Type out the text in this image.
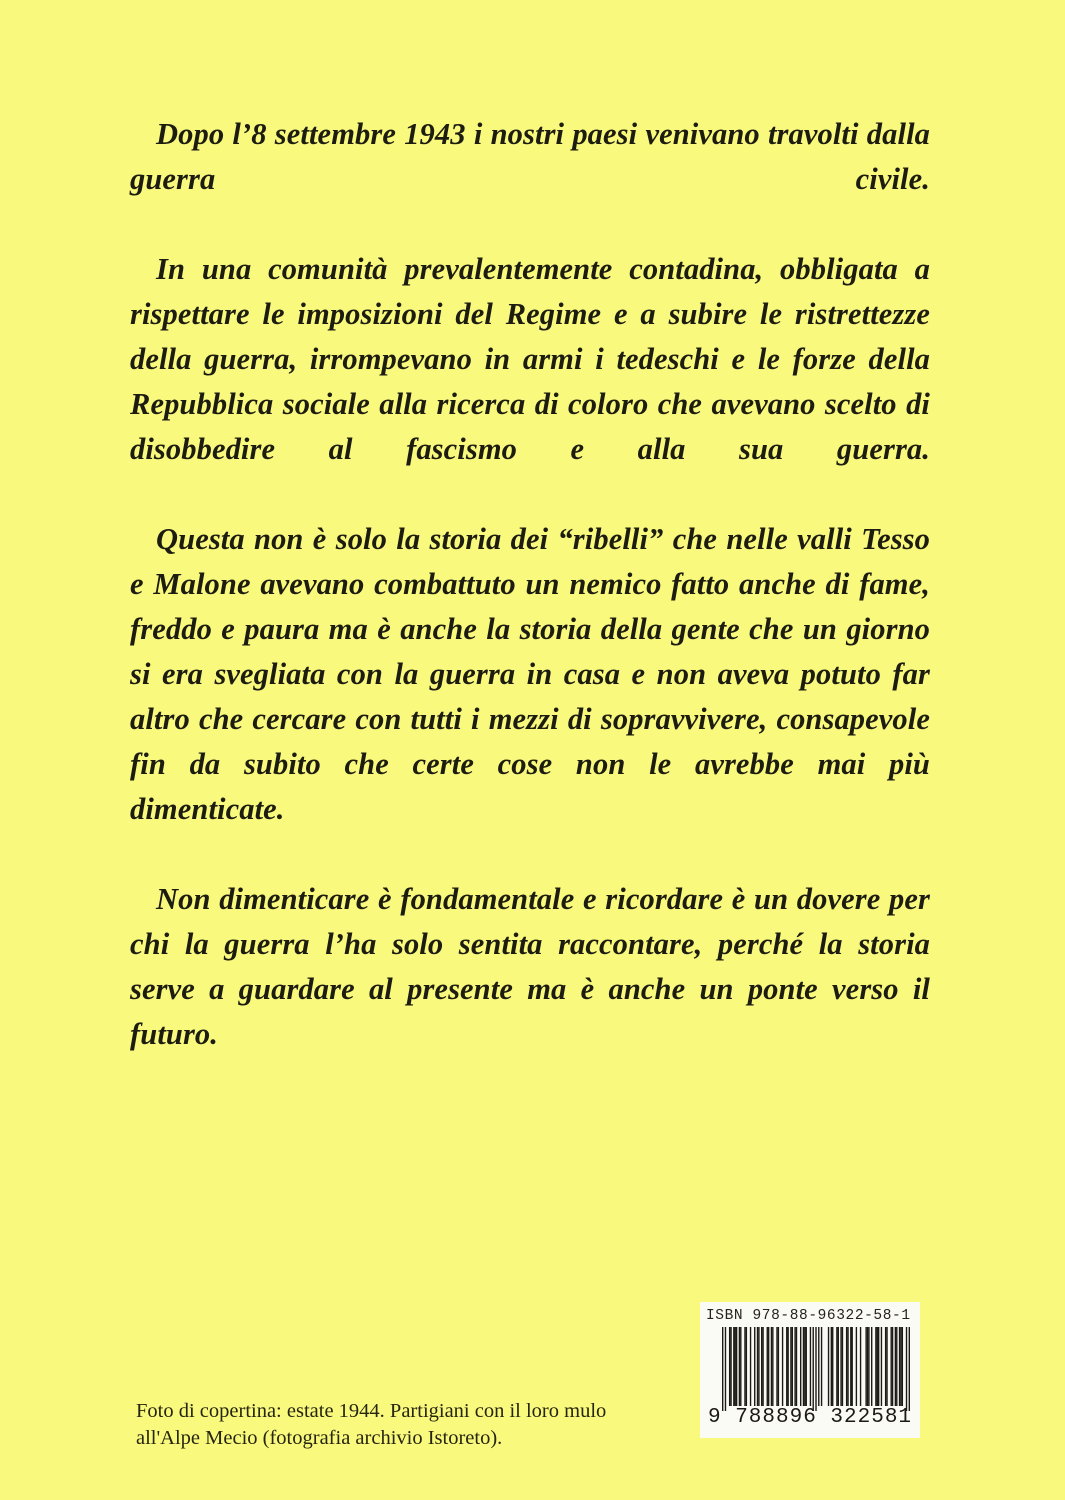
Dopo l’8 settembre 1943 i nostri paesi venivano travolti dalla guerra civile.

In una comunità prevalentemente contadina, obbligata a rispettare le imposizioni del Regime e a subire le ristrettezze della guerra, irrompevano in armi i tedeschi e le forze della Repubblica sociale alla ricerca di coloro che avevano scelto di disobbedire al fascismo e alla sua guerra.

Questa non è solo la storia dei “ribelli” che nelle valli Tesso e Malone avevano combattuto un nemico fatto anche di fame, freddo e paura ma è anche la storia della gente che un giorno si era svegliata con la guerra in casa e non aveva potuto far altro che cercare con tutti i mezzi di sopravvivere, consapevole fin da subito che certe cose non le avrebbe mai più dimenticate.

Non dimenticare è fondamentale e ricordare è un dovere per chi la guerra l’ha solo sentita raccontare, perché la storia serve a guardare al presente ma è anche un ponte verso il futuro.

Foto di copertina: estate 1944. Partigiani con il loro mulo
all'Alpe Mecio (fotografia archivio Istoreto).
ISBN 978-88-96322-58-1
9 788896 322581
